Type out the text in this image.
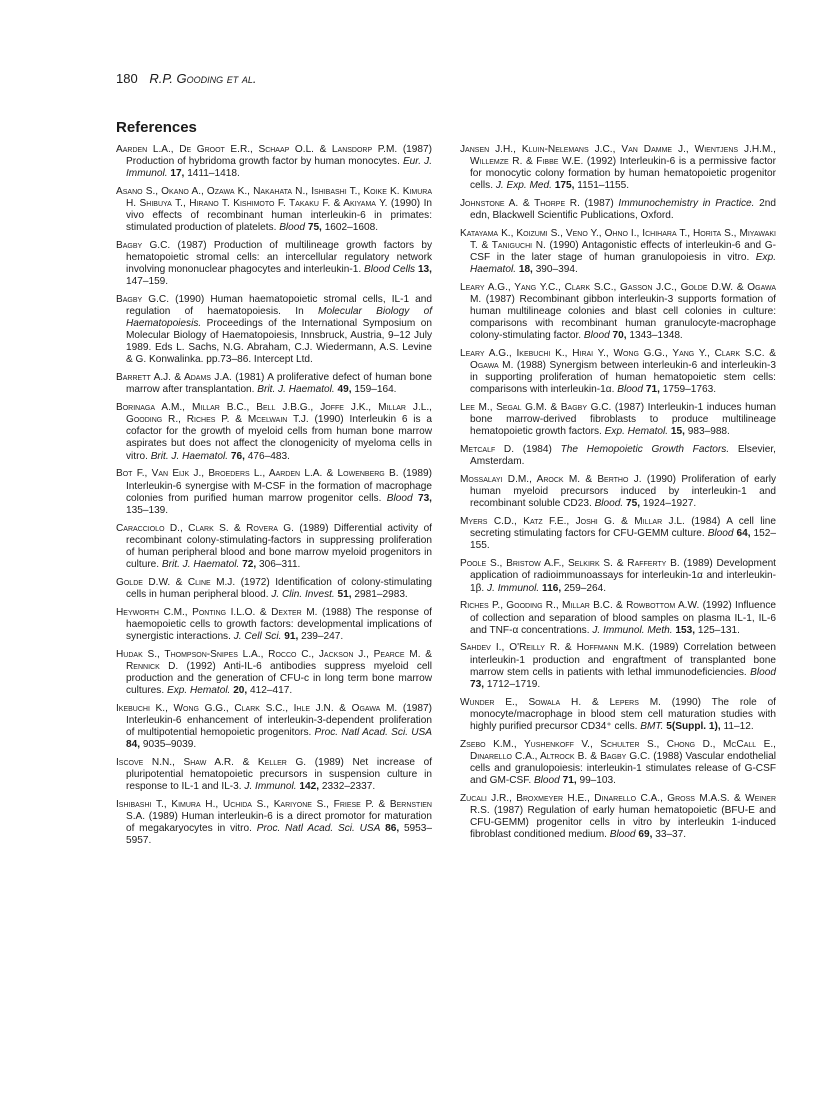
180 R.P. Gooding et al.
References

Aarden L.A., De Groot E.R., Schaap O.L. & Lansdorp P.M. (1987) Production of hybridoma growth factor by human monocytes. Eur. J. Immunol. 17, 1411–1418.

Asano S., Okano A., Ozawa K., Nakahata N., Ishibashi T., Koike K. Kimura H. Shibuya T., Hirano T. Kishimoto F. Takaku F. & Akiyama Y. (1990) In vivo effects of recombinant human interleukin-6 in primates: stimulated production of platelets. Blood 75, 1602–1608.

Bagby G.C. (1987) Production of multilineage growth factors by hematopoietic stromal cells: an intercellular regulatory network involving mononuclear phagocytes and interleukin-1. Blood Cells 13, 147–159.

Bagby G.C. (1990) Human haematopoietic stromal cells, IL-1 and regulation of haematopoiesis. In Molecular Biology of Haematopoiesis. Proceedings of the International Symposium on Molecular Biology of Haematopoiesis, Innsbruck, Austria, 9–12 July 1989. Eds L. Sachs, N.G. Abraham, C.J. Wiedermann, A.S. Levine & G. Konwalinka. pp.73–86. Intercept Ltd.

Barrett A.J. & Adams J.A. (1981) A proliferative defect of human bone marrow after transplantation. Brit. J. Haematol. 49, 159–164.

Borinaga A.M., Millar B.C., Bell J.B.G., Joffe J.K., Millar J.L., Gooding R., Riches P. & Mcelwain T.J. (1990) Interleukin 6 is a cofactor for the growth of myeloid cells from human bone marrow aspirates but does not affect the clonogenicity of myeloma cells in vitro. Brit. J. Haematol. 76, 476–483.

Bot F., Van Eijk J., Broeders L., Aarden L.A. & Lowenberg B. (1989) Interleukin-6 synergise with M-CSF in the formation of macrophage colonies from purified human marrow progenitor cells. Blood 73, 135–139.

Caracciolo D., Clark S. & Rovera G. (1989) Differential activity of recombinant colony-stimulating-factors in suppressing proliferation of human peripheral blood and bone marrow myeloid progenitors in culture. Brit. J. Haematol. 72, 306–311.

Golde D.W. & Cline M.J. (1972) Identification of colony-stimulating cells in human peripheral blood. J. Clin. Invest. 51, 2981–2983.

Heyworth C.M., Ponting I.L.O. & Dexter M. (1988) The response of haemopoietic cells to growth factors: developmental implications of synergistic interactions. J. Cell Sci. 91, 239–247.

Hudak S., Thompson-Snipes L.A., Rocco C., Jackson J., Pearce M. & Rennick D. (1992) Anti-IL-6 antibodies suppress myeloid cell production and the generation of CFU-c in long term bone marrow cultures. Exp. Hematol. 20, 412–417.

Ikebuchi K., Wong G.G., Clark S.C., Ihle J.N. & Ogawa M. (1987) Interleukin-6 enhancement of interleukin-3-dependent proliferation of multipotential hemopoietic progenitors. Proc. Natl Acad. Sci. USA 84, 9035–9039.

Iscove N.N., Shaw A.R. & Keller G. (1989) Net increase of pluripotential hematopoietic precursors in suspension culture in response to IL-1 and IL-3. J. Immunol. 142, 2332–2337.

Ishibashi T., Kimura H., Uchida S., Kariyone S., Friese P. & Bernstien S.A. (1989) Human interleukin-6 is a direct promotor for maturation of megakaryocytes in vitro. Proc. Natl Acad. Sci. USA 86, 5953–5957.

Jansen J.H., Kluin-Nelemans J.C., Van Damme J., Wientjens J.H.M., Willemze R. & Fibbe W.E. (1992) Interleukin-6 is a permissive factor for monocytic colony formation by human hematopoietic progenitor cells. J. Exp. Med. 175, 1151–1155.

Johnstone A. & Thorpe R. (1987) Immunochemistry in Practice. 2nd edn, Blackwell Scientific Publications, Oxford.

Katayama K., Koizumi S., Veno Y., Ohno I., Ichihara T., Horita S., Miyawaki T. & Taniguchi N. (1990) Antagonistic effects of interleukin-6 and G-CSF in the later stage of human granulopoiesis in vitro. Exp. Haematol. 18, 390–394.

Leary A.G., Yang Y.C., Clark S.C., Gasson J.C., Golde D.W. & Ogawa M. (1987) Recombinant gibbon interleukin-3 supports formation of human multilineage colonies and blast cell colonies in culture: comparisons with recombinant human granulocyte-macrophage colony-stimulating factor. Blood 70, 1343–1348.

Leary A.G., Ikebuchi K., Hirai Y., Wong G.G., Yang Y., Clark S.C. & Ogawa M. (1988) Synergism between interleukin-6 and interleukin-3 in supporting proliferation of human hematopoietic stem cells: comparisons with interleukin-1α. Blood 71, 1759–1763.

Lee M., Segal G.M. & Bagby G.C. (1987) Interleukin-1 induces human bone marrow-derived fibroblasts to produce multilineage hematopoietic growth factors. Exp. Hematol. 15, 983–988.

Metcalf D. (1984) The Hemopoietic Growth Factors. Elsevier, Amsterdam.

Mossalayi D.M., Arock M. & Bertho J. (1990) Proliferation of early human myeloid precursors induced by interleukin-1 and recombinant soluble CD23. Blood. 75, 1924–1927.

Myers C.D., Katz F.E., Joshi G. & Millar J.L. (1984) A cell line secreting stimulating factors for CFU-GEMM culture. Blood 64, 152–155.

Poole S., Bristow A.F., Selkirk S. & Rafferty B. (1989) Development application of radioimmunoassays for interleukin-1α and interleukin-1β. J. Immunol. 116, 259–264.

Riches P., Gooding R., Millar B.C. & Rowbottom A.W. (1992) Influence of collection and separation of blood samples on plasma IL-1, IL-6 and TNF-α concentrations. J. Immunol. Meth. 153, 125–131.

Sahdev I., O'Reilly R. & Hoffmann M.K. (1989) Correlation between interleukin-1 production and engraftment of transplanted bone marrow stem cells in patients with lethal immunodeficiencies. Blood 73, 1712–1719.

Wunder E., Sowala H. & Lepers M. (1990) The role of monocyte/macrophage in blood stem cell maturation studies with highly purified precursor CD34⁺ cells. BMT. 5(Suppl. 1), 11–12.

Zsebo K.M., Yushenkoff V., Schulter S., Chong D., McCall E., Dinarello C.A., Altrock B. & Bagby G.C. (1988) Vascular endothelial cells and granulopoiesis: interleukin-1 stimulates release of G-CSF and GM-CSF. Blood 71, 99–103.

Zucali J.R., Broxmeyer H.E., Dinarello C.A., Gross M.A.S. & Weiner R.S. (1987) Regulation of early human hematopoietic (BFU-E and CFU-GEMM) progenitor cells in vitro by interleukin 1-induced fibroblast conditioned medium. Blood 69, 33–37.
